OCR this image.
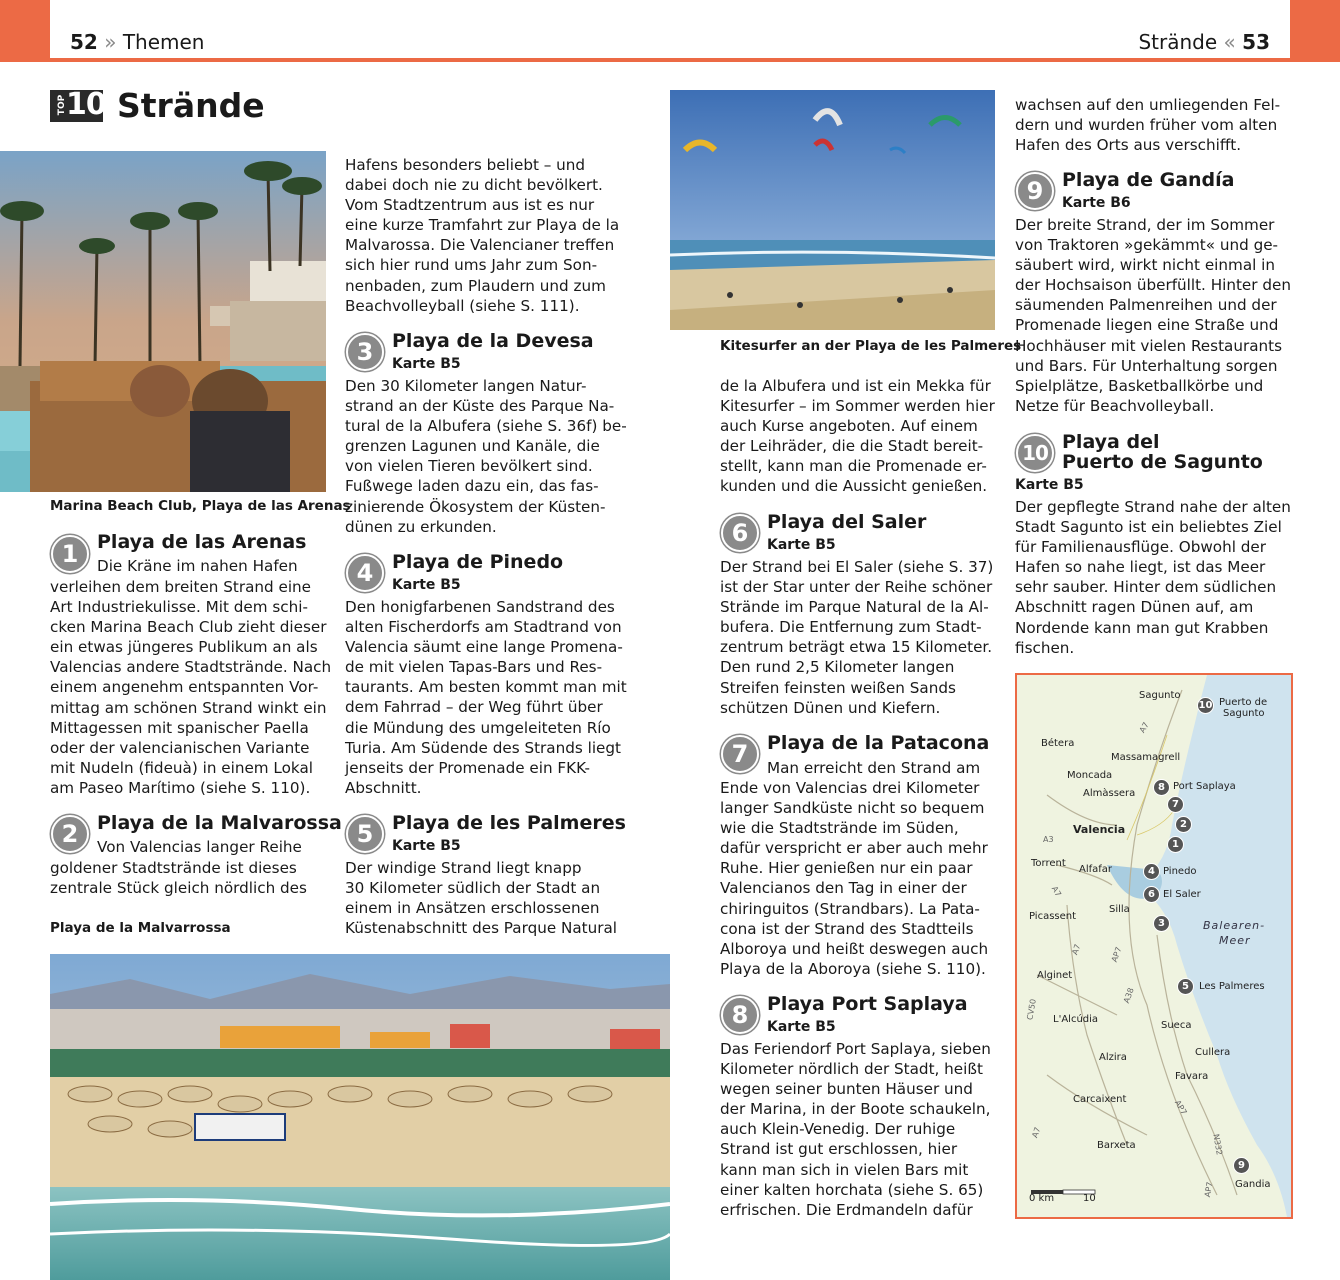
52 » Themen	Strände « 53
TOP
10 Strände
Marina Beach Club, Playa de las Arenas
1 Playa de las Arenas
Die Kräne im nahen Hafen
verleihen dem breiten Strand eine
Art Industriekulisse. Mit dem schi-
cken Marina Beach Club zieht dieser
ein etwas jüngeres Publikum an als
Valencias andere Stadtstrände. Nach
einem angenehm entspannten Vor-
mittag am schönen Strand winkt ein
Mittagessen mit spanischer Paella
oder der valencianischen Variante
mit Nudeln (fideuà) in einem Lokal
am Paseo Marítimo (siehe S. 110).
2 Playa de la Malvarossa
Von Valencias langer Reihe
goldener Stadtstrände ist dieses
zentrale Stück gleich nördlich des
Playa de la Malvarrossa
Hafens besonders beliebt – und
dabei doch nie zu dicht bevölkert.
Vom Stadtzentrum aus ist es nur
eine kurze Tramfahrt zur Playa de la
Malvarossa. Die Valencianer treffen
sich hier rund ums Jahr zum Son-
nenbaden, zum Plaudern und zum
Beachvolleyball (siehe S. 111).
3 Playa de la Devesa
Karte B5
Den 30 Kilometer langen Natur-
strand an der Küste des Parque Na-
tural de la Albufera (siehe S. 36f) be-
grenzen Lagunen und Kanäle, die
von vielen Tieren bevölkert sind.
Fußwege laden dazu ein, das fas-
zinierende Ökosystem der Küsten-
dünen zu erkunden.
4 Playa de Pinedo
Karte B5
Den honigfarbenen Sandstrand des
alten Fischerdorfs am Stadtrand von
Valencia säumt eine lange Promena-
de mit vielen Tapas-Bars und Res-
taurants. Am besten kommt man mit
dem Fahrrad – der Weg führt über
die Mündung des umgeleiteten Río
Turia. Am Südende des Strands liegt
jenseits der Promenade ein FKK-
Abschnitt.
5 Playa de les Palmeres
Karte B5
Der windige Strand liegt knapp
30 Kilometer südlich der Stadt an
einem in Ansätzen erschlossenen
Küstenabschnitt des Parque Natural
Kitesurfer an der Playa de les Palmeres
de la Albufera und ist ein Mekka für
Kitesurfer – im Sommer werden hier
auch Kurse angeboten. Auf einem
der Leihräder, die die Stadt bereit-
stellt, kann man die Promenade er-
kunden und die Aussicht genießen.
6 Playa del Saler
Karte B5
Der Strand bei El Saler (siehe S. 37)
ist der Star unter der Reihe schöner
Strände im Parque Natural de la Al-
bufera. Die Entfernung zum Stadt-
zentrum beträgt etwa 15 Kilometer.
Den rund 2,5 Kilometer langen
Streifen feinsten weißen Sands
schützen Dünen und Kiefern.
7 Playa de la Patacona
Man erreicht den Strand am
Ende von Valencias drei Kilometer
langer Sandküste nicht so bequem
wie die Stadtstrände im Süden,
dafür verspricht er aber auch mehr
Ruhe. Hier genießen nur ein paar
Valencianos den Tag in einer der
chiringuitos (Strandbars). La Pata-
cona ist der Strand des Stadtteils
Alboroya und heißt deswegen auch
Playa de la Aboroya (siehe S. 110).
8 Playa Port Saplaya
Karte B5
Das Feriendorf Port Saplaya, sieben
Kilometer nördlich der Stadt, heißt
wegen seiner bunten Häuser und
der Marina, in der Boote schaukeln,
auch Klein-Venedig. Der ruhige
Strand ist gut erschlossen, hier
kann man sich in vielen Bars mit
einer kalten horchata (siehe S. 65)
erfrischen. Die Erdmandeln dafür
wachsen auf den umliegenden Fel-
dern und wurden früher vom alten
Hafen des Orts aus verschifft.
9 Playa de Gandía
Karte B6
Der breite Strand, der im Sommer
von Traktoren »gekämmt« und ge-
säubert wird, wirkt nicht einmal in
der Hochsaison überfüllt. Hinter den
säumenden Palmenreihen und der
Promenade liegen eine Straße und
Hochhäuser mit vielen Restaurants
und Bars. Für Unterhaltung sorgen
Spielplätze, Basketballkörbe und
Netze für Beachvolleyball.
10 Playa del
Puerto de Sagunto
Karte B5
Der gepflegte Strand nahe der alten
Stadt Sagunto ist ein beliebtes Ziel
für Familienausflüge. Obwohl der
Hafen so nahe liegt, ist das Meer
sehr sauber. Hinter dem südlichen
Abschnitt ragen Dünen auf, am
Nordende kann man gut Krabben
fischen.
Sagunto
Puerto de
Sagunto
Bétera
Massamagrell
Moncada
Almàssera
Port Saplaya
Valencia
Torrent
Alfafar	Pinedo
El Saler
Picassent
Silla
Alginet
Les Palmeres
L'Alcúdia
Sueca
Alzira	Cullera
Favara
Carcaixent
Barxeta
Gandia
A7
A3
A7
A7	AP7
A38
CV50
AP7
A7
N332
AP7
Balearen-
Meer
0 km	10
10
8
7
2
1
4
6
3
5
9
